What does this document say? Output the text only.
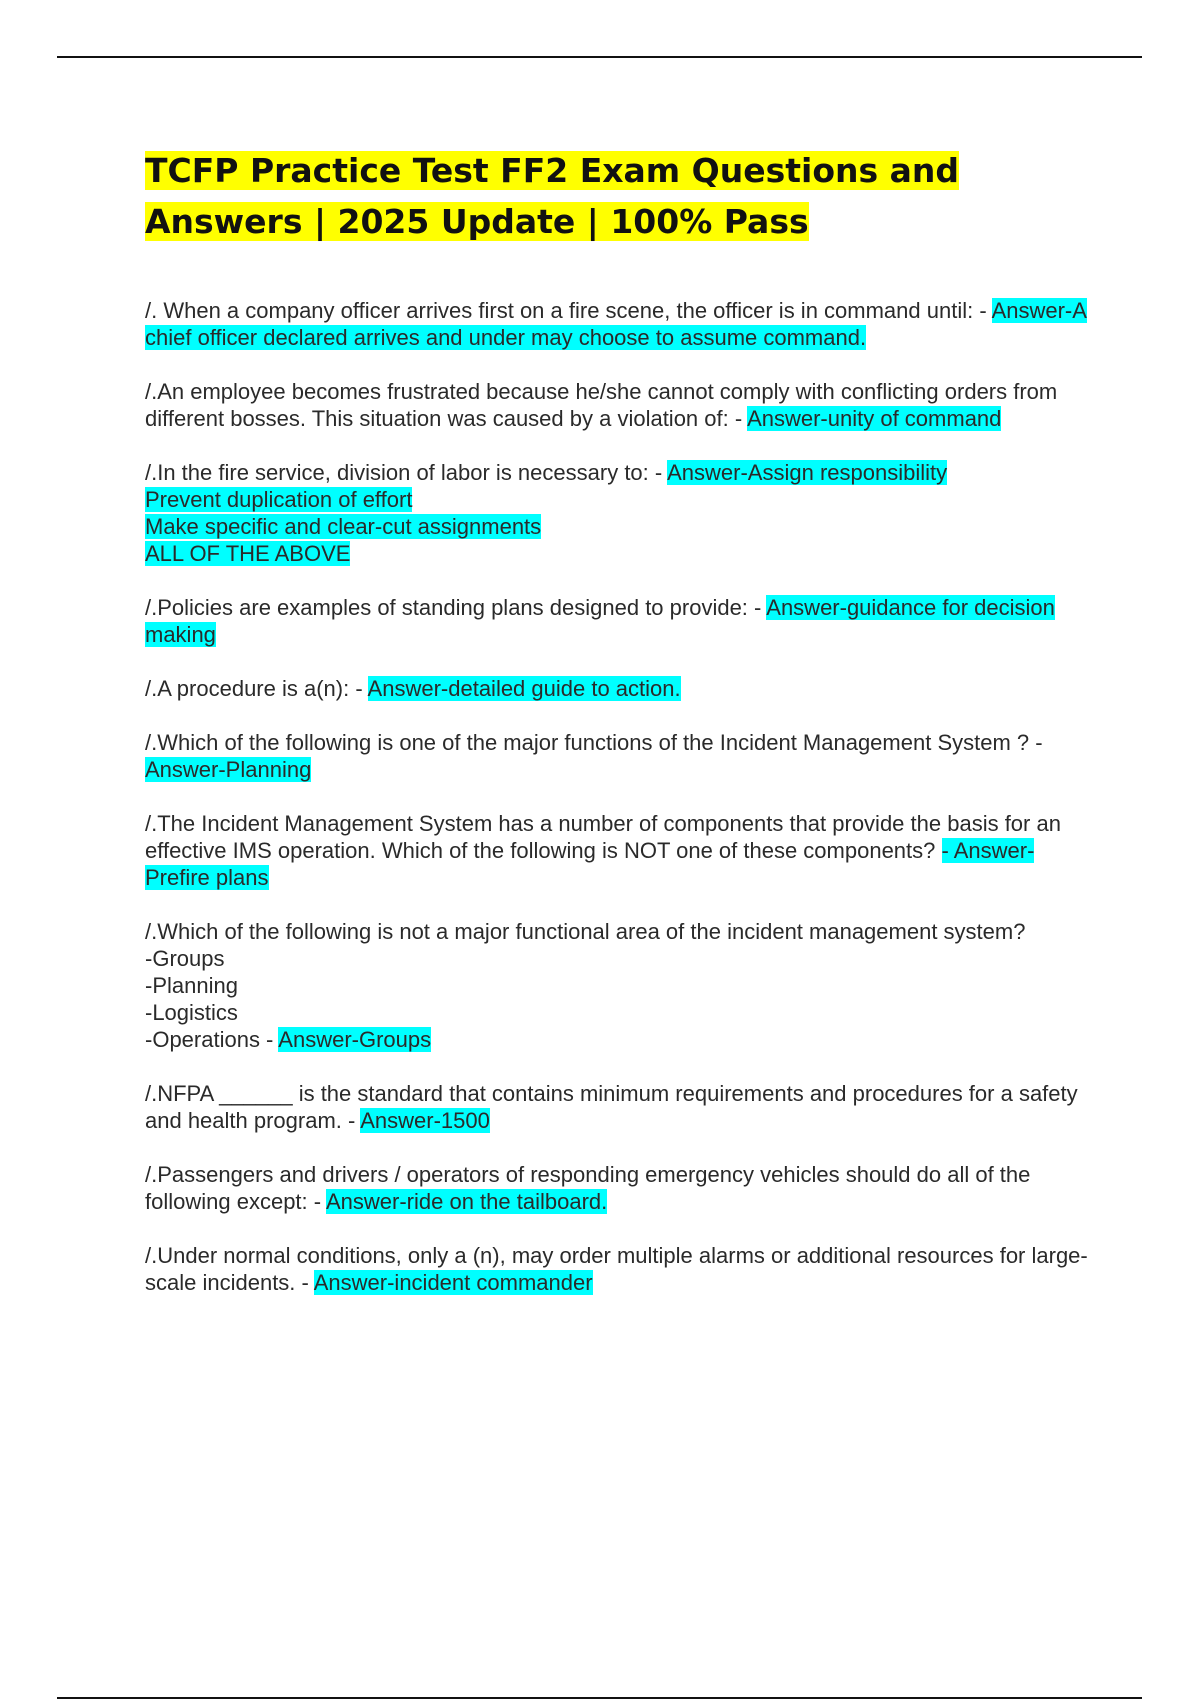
TCFP Practice Test FF2 Exam Questions and Answers | 2025 Update | 100% Pass

/. When a company officer arrives first on a fire scene, the officer is in command until: - Answer-A chief officer declared arrives and under may choose to assume command.

/.An employee becomes frustrated because he/she cannot comply with conflicting orders from different bosses. This situation was caused by a violation of: - Answer-unity of command

/.In the fire service, division of labor is necessary to: - Answer-Assign responsibility
Prevent duplication of effort
Make specific and clear-cut assignments
ALL OF THE ABOVE

/.Policies are examples of standing plans designed to provide: - Answer-guidance for decision making

/.A procedure is a(n): - Answer-detailed guide to action.

/.Which of the following is one of the major functions of the Incident Management System ? - Answer-Planning

/.The Incident Management System has a number of components that provide the basis for an effective IMS operation. Which of the following is NOT one of these components? - Answer-Prefire plans

/.Which of the following is not a major functional area of the incident management system?
-Groups
-Planning
-Logistics
-Operations - Answer-Groups

/.NFPA ______ is the standard that contains minimum requirements and procedures for a safety and health program. - Answer-1500

/.Passengers and drivers / operators of responding emergency vehicles should do all of the following except: - Answer-ride on the tailboard.

/.Under normal conditions, only a (n), may order multiple alarms or additional resources for large-scale incidents. - Answer-incident commander
